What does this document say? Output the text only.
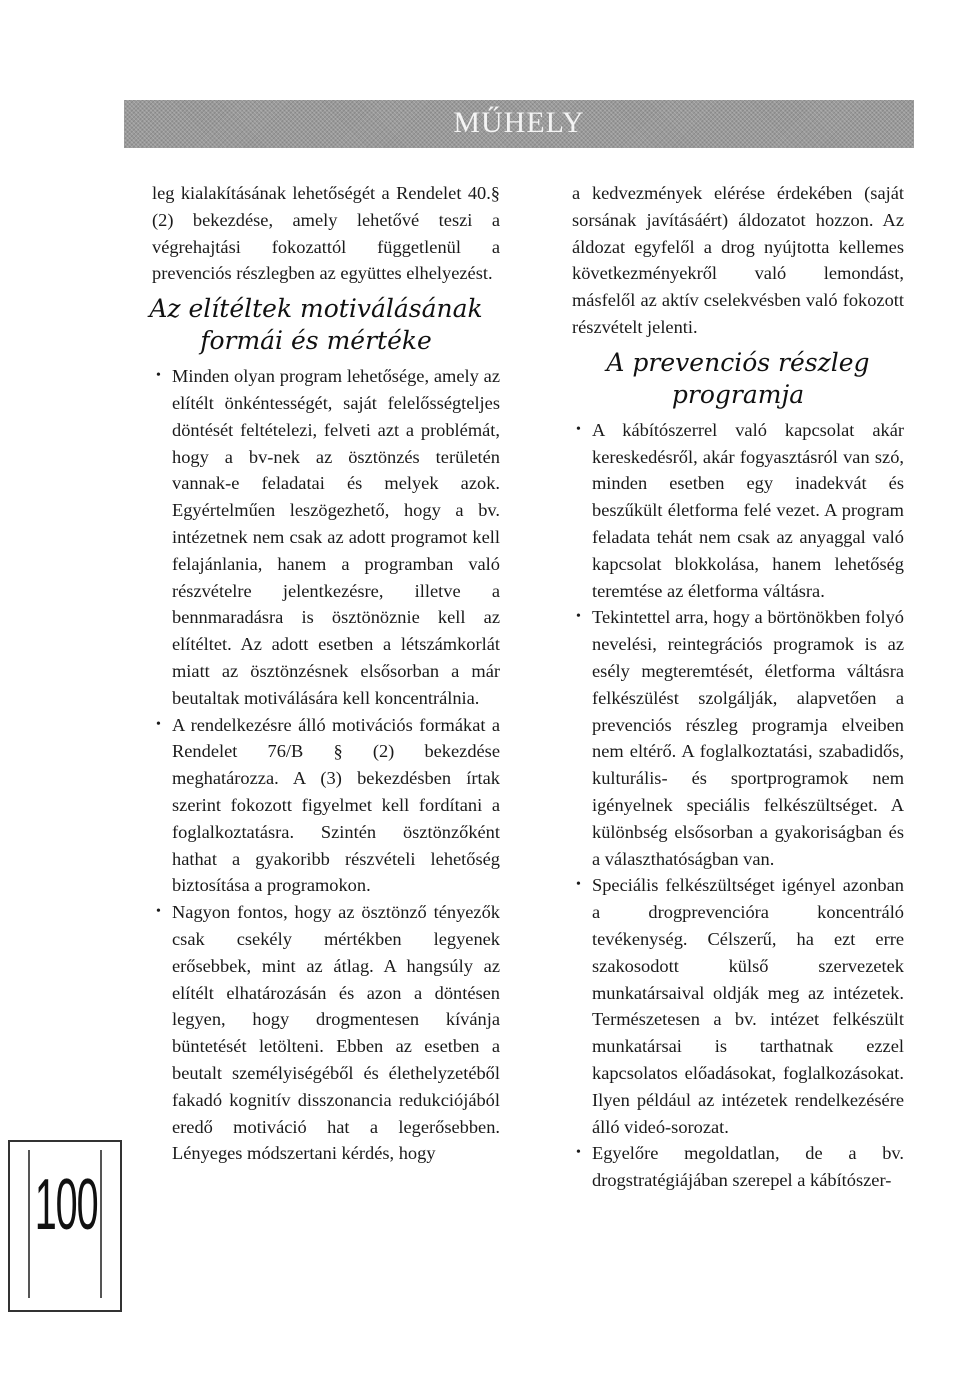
MŰHELY

leg kialakításának lehetőségét a Rendelet 40.§ (2) bekezdése, amely lehetővé teszi a végrehajtási fokozattól függetlenül a prevenciós részlegben az együttes elhelyezést.

Az elítéltek motiválásának
formái és mértéke
• Minden olyan program lehetősége, amely az elítélt önkéntességét, saját felelősségteljes döntését feltételezi, felveti azt a problémát, hogy a bv-nek az ösztönzés területén vannak-e feladatai és melyek azok. Egyértelműen leszögezhető, hogy a bv. intézetnek nem csak az adott programot kell felajánlania, hanem a programban való részvételre jelentkezésre, illetve a bennmaradásra is ösztönöznie kell az elítéltet. Az adott esetben a létszámkorlát miatt az ösztönzésnek elsősorban a már beutaltak motiválására kell koncentrálnia.
• A rendelkezésre álló motivációs formákat a Rendelet 76/B § (2) bekezdése meghatározza. A (3) bekezdésben írtak szerint fokozott figyelmet kell fordítani a foglalkoztatásra. Szintén ösztönzőként hathat a gyakoribb részvételi lehetőség biztosítása a programokon.
• Nagyon fontos, hogy az ösztönző tényezők csak csekély mértékben legyenek erősebbek, mint az átlag. A hangsúly az elítélt elhatározásán és azon a döntésen legyen, hogy drogmentesen kívánja büntetését letölteni. Ebben az esetben a beutalt személyiségéből és élethelyzetéből fakadó kognitív disszonancia redukciójából eredő motiváció hat a legerősebben. Lényeges módszertani kérdés, hogy

a kedvezmények elérése érdekében (saját sorsának javításáért) áldozatot hozzon. Az áldozat egyfelől a drog nyújtotta kellemes következményekről való lemondást, másfelől az aktív cselekvésben való fokozott részvételt jelenti.

A prevenciós részleg
programja
• A kábítószerrel való kapcsolat akár kereskedésről, akár fogyasztásról van szó, minden esetben egy inadekvát és beszűkült életforma felé vezet. A program feladata tehát nem csak az anyaggal való kapcsolat blokkolása, hanem lehetőség teremtése az életforma váltásra.
• Tekintettel arra, hogy a börtönökben folyó nevelési, reintegrációs programok is az esély megteremtését, életforma váltásra felkészülést szolgálják, alapvetően a prevenciós részleg programja elveiben nem eltérő. A foglalkoztatási, szabadidős, kulturális- és sportprogramok nem igényelnek speciális felkészültséget. A különbség elsősorban a gyakoriságban és a választhatóságban van.
• Speciális felkészültséget igényel azonban a drogprevencióra koncentráló tevékenység. Célszerű, ha ezt erre szakosodott külső szervezetek munkatársaival oldják meg az intézetek. Természetesen a bv. intézet felkészült munkatársai is tarthatnak ezzel kapcsolatos előadásokat, foglalkozásokat. Ilyen például az intézetek rendelkezésére álló videó-sorozat.
• Egyelőre megoldatlan, de a bv. drogstratégiájában szerepel a kábítószer-
100
